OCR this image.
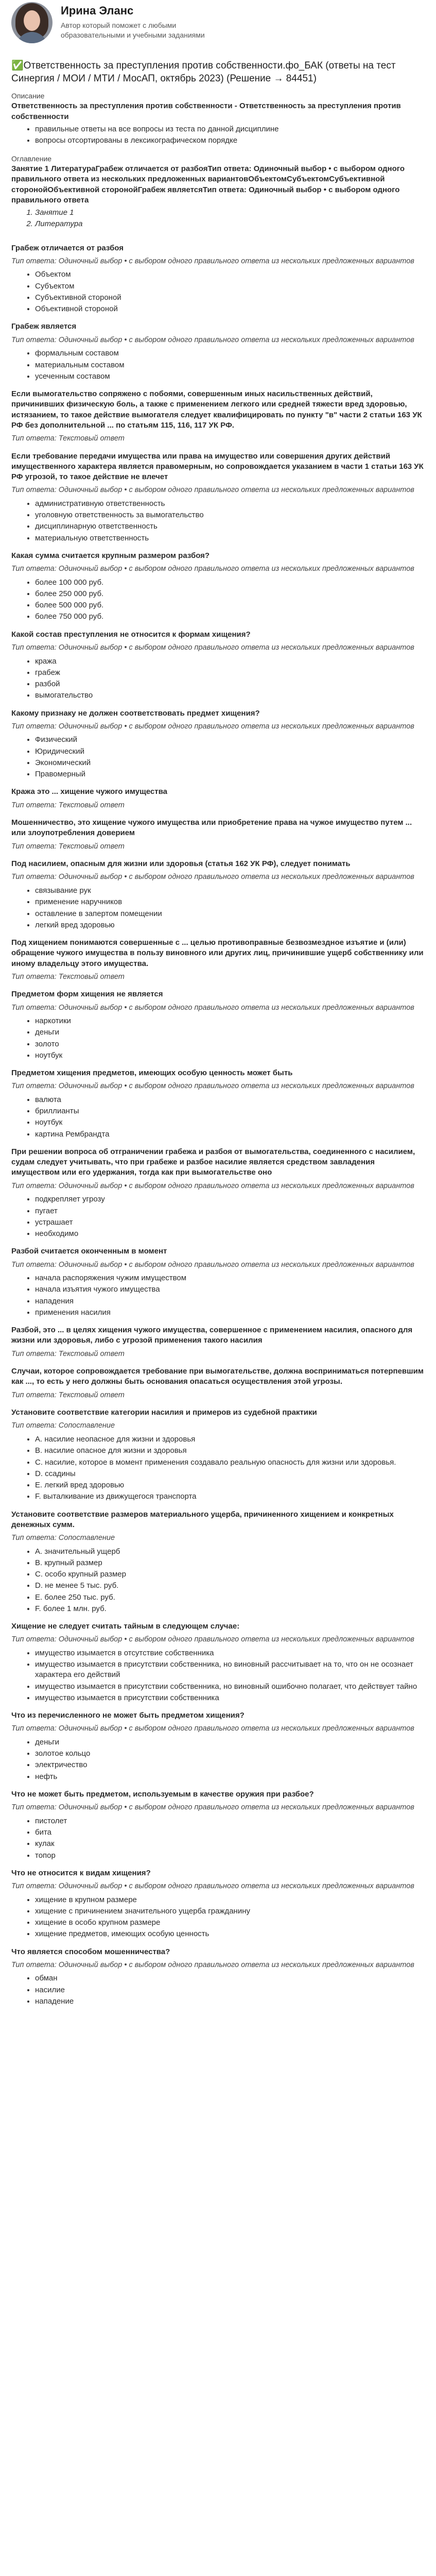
Ирина Эланс
Автор который поможет с любыми образовательными и учебными заданиями
✅Ответственность за преступления против собственности.фо_БАК (ответы на тест Синергия / МОИ / МТИ / МосАП, октябрь 2023) (Решение → 84451)
Описание
Ответственность за преступления против собственности - Ответственность за преступления против собственности
• правильные ответы на все вопросы из теста по данной дисциплине
• вопросы отсортированы в лексикографическом порядке
Оглавление
Занятие 1 ЛитератураГрабеж отличается от разбояТип ответа: Одиночный выбор • с выбором одного правильного ответа из нескольких предложенных вариантовОбъектомСубъектомСубъективной сторонойОбъективной сторонойГрабеж являетсяТип ответа: Одиночный выбор • с выбором одного правильного ответа
1. Занятие 1
2. Литература
Грабеж отличается от разбоя
Тип ответа: Одиночный выбор • с выбором одного правильного ответа из нескольких предложенных вариантов
• Объектом
• Субъектом
• Субъективной стороной
• Объективной стороной
Грабеж является
Тип ответа: Одиночный выбор • с выбором одного правильного ответа из нескольких предложенных вариантов
• формальным составом
• материальным составом
• усеченным составом
Если вымогательство сопряжено с побоями, совершенным иных насильственных действий, причинивших физическую боль, а также с применением легкого или средней тяжести вред здоровью, истязанием, то такое действие вымогателя следует квалифицировать по пункту "в" части 2 статьи 163 УК РФ без дополнительной ... по статьям 115, 116, 117 УК РФ.
Тип ответа: Текстовый ответ
Если требование передачи имущества или права на имущество или совершения других действий имущественного характера является правомерным, но сопровождается указанием в части 1 статьи 163 УК РФ угрозой, то такое действие не влечет
Тип ответа: Одиночный выбор • с выбором одного правильного ответа из нескольких предложенных вариантов
• административную ответственность
• уголовную ответственность за вымогательство
• дисциплинарную ответственность
• материальную ответственность
Какая сумма считается крупным размером разбоя?
Тип ответа: Одиночный выбор • с выбором одного правильного ответа из нескольких предложенных вариантов
• более 100 000 руб.
• более 250 000 руб.
• более 500 000 руб.
• более 750 000 руб.
Какой состав преступления не относится к формам хищения?
Тип ответа: Одиночный выбор • с выбором одного правильного ответа из нескольких предложенных вариантов
• кража
• грабеж
• разбой
• вымогательство
Какому признаку не должен соответствовать предмет хищения?
Тип ответа: Одиночный выбор • с выбором одного правильного ответа из нескольких предложенных вариантов
• Физический
• Юридический
• Экономический
• Правомерный
Кража это ... хищение чужого имущества
Тип ответа: Текстовый ответ
Мошенничество, это хищение чужого имущества или приобретение права на чужое имущество путем ... или злоупотребления доверием
Тип ответа: Текстовый ответ
Под насилием, опасным для жизни или здоровья (статья 162 УК РФ), следует понимать
Тип ответа: Одиночный выбор • с выбором одного правильного ответа из нескольких предложенных вариантов
• связывание рук
• применение наручников
• оставление в запертом помещении
• легкий вред здоровью
Под хищением понимаются совершенные с ... целью противоправные безвозмездное изъятие и (или) обращение чужого имущества в пользу виновного или других лиц, причинившие ущерб собственнику или иному владельцу этого имущества.
Тип ответа: Текстовый ответ
Предметом форм хищения не является
Тип ответа: Одиночный выбор • с выбором одного правильного ответа из нескольких предложенных вариантов
• наркотики
• деньги
• золото
• ноутбук
Предметом хищения предметов, имеющих особую ценность может быть
Тип ответа: Одиночный выбор • с выбором одного правильного ответа из нескольких предложенных вариантов
• валюта
• бриллианты
• ноутбук
• картина Рембрандта
При решении вопроса об отграничении грабежа и разбоя от вымогательства, соединенного с насилием, судам следует учитывать, что при грабеже и разбое насилие является средством завладения имуществом или его удержания, тогда как при вымогательстве оно
Тип ответа: Одиночный выбор • с выбором одного правильного ответа из нескольких предложенных вариантов
• подкрепляет угрозу
• пугает
• устрашает
• необходимо
Разбой считается оконченным в момент
Тип ответа: Одиночный выбор • с выбором одного правильного ответа из нескольких предложенных вариантов
• начала распоряжения чужим имуществом
• начала изъятия чужого имущества
• нападения
• применения насилия
Разбой, это ... в целях хищения чужого имущества, совершенное с применением насилия, опасного для жизни или здоровья, либо с угрозой применения такого насилия
Тип ответа: Текстовый ответ
Случаи, которое сопровождается требование при вымогательстве, должна восприниматься потерпевшим как ..., то есть у него должны быть основания опасаться осуществления этой угрозы.
Тип ответа: Текстовый ответ
Установите соответствие категории насилия и примеров из судебной практики
Тип ответа: Сопоставление
• A. насилие неопасное для жизни и здоровья
• B. насилие опасное для жизни и здоровья
• C. насилие, которое в момент применения создавало реальную опасность для жизни или здоровья.
• D. ссадины
• E. легкий вред здоровью
• F. выталкивание из движущегося транспорта
Установите соответствие размеров материального ущерба, причиненного хищением и конкретных денежных сумм.
Тип ответа: Сопоставление
• A. значительный ущерб
• B. крупный размер
• C. особо крупный размер
• D. не менее 5 тыс. руб.
• E. более 250 тыс. руб.
• F. более 1 млн. руб.
Хищение не следует считать тайным в следующем случае:
Тип ответа: Одиночный выбор • с выбором одного правильного ответа из нескольких предложенных вариантов
• имущество изымается в отсутствие собственника
• имущество изымается в присутствии собственника, но виновный рассчитывает на то, что он не осознает характера его действий
• имущество изымается в присутствии собственника, но виновный ошибочно полагает, что действует тайно
• имущество изымается в присутствии собственника
Что из перечисленного не может быть предметом хищения?
Тип ответа: Одиночный выбор • с выбором одного правильного ответа из нескольких предложенных вариантов
• деньги
• золотое кольцо
• электричество
• нефть
Что не может быть предметом, используемым в качестве оружия при разбое?
Тип ответа: Одиночный выбор • с выбором одного правильного ответа из нескольких предложенных вариантов
• пистолет
• бита
• кулак
• топор
Что не относится к видам хищения?
Тип ответа: Одиночный выбор • с выбором одного правильного ответа из нескольких предложенных вариантов
• хищение в крупном размере
• хищение с причинением значительного ущерба гражданину
• хищение в особо крупном размере
• хищение предметов, имеющих особую ценность
Что является способом мошенничества?
Тип ответа: Одиночный выбор • с выбором одного правильного ответа из нескольких предложенных вариантов
• обман
• насилие
• нападение
